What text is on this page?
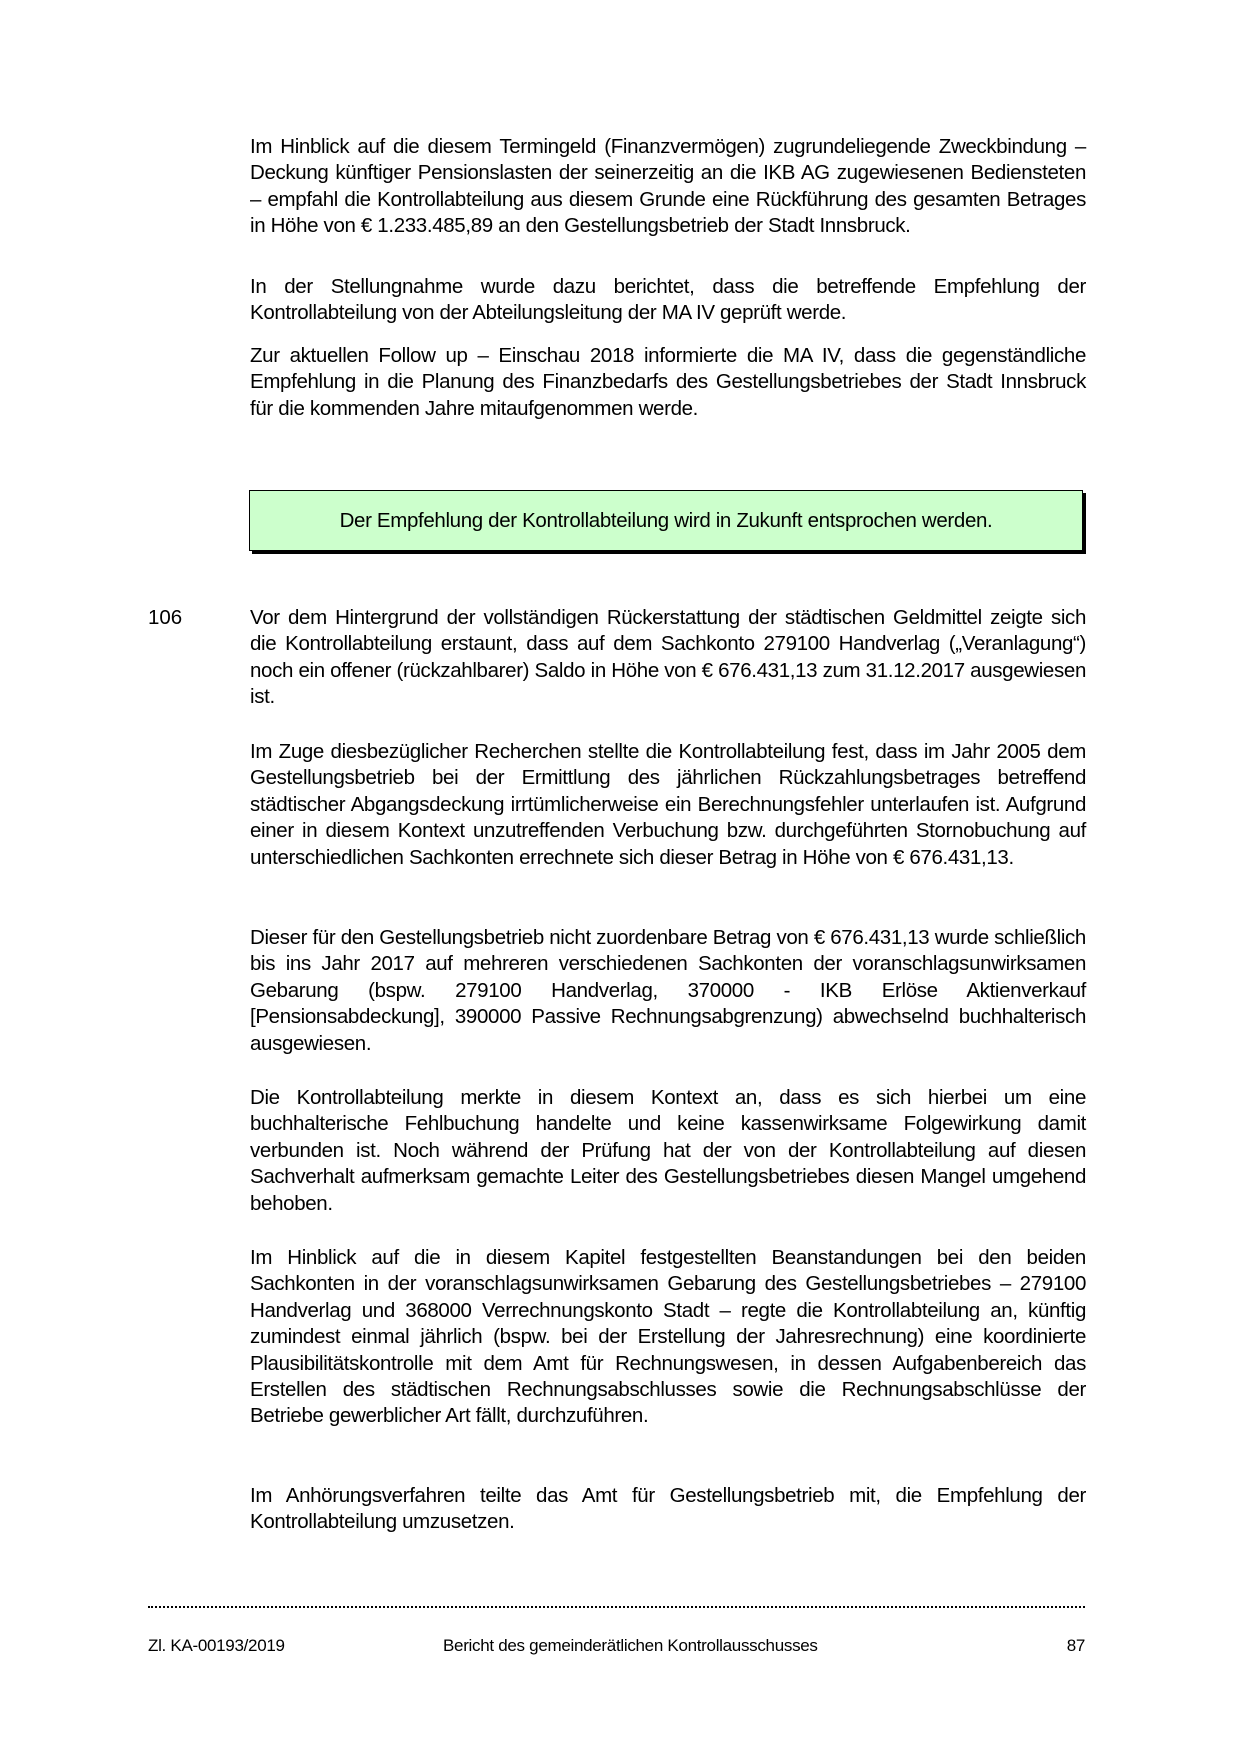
Im Hinblick auf die diesem Termingeld (Finanzvermögen) zugrundeliegende Zweckbindung – Deckung künftiger Pensionslasten der seinerzeitig an die IKB AG zugewiesenen Bediensteten – empfahl die Kontrollabteilung aus diesem Grunde eine Rückführung des gesamten Betrages in Höhe von € 1.233.485,89 an den Gestellungsbetrieb der Stadt Innsbruck.

In der Stellungnahme wurde dazu berichtet, dass die betreffende Empfehlung der Kontrollabteilung von der Abteilungsleitung der MA IV geprüft werde.

Zur aktuellen Follow up – Einschau 2018 informierte die MA IV, dass die gegenständliche Empfehlung in die Planung des Finanzbedarfs des Gestellungsbetriebes der Stadt Innsbruck für die kommenden Jahre mitaufgenommen werde.

Der Empfehlung der Kontrollabteilung wird in Zukunft entsprochen werden.
106	Vor dem Hintergrund der vollständigen Rückerstattung der städtischen Geldmittel zeigte sich die Kontrollabteilung erstaunt, dass auf dem Sachkonto 279100 Handverlag („Veranlagung“) noch ein offener (rückzahlbarer) Saldo in Höhe von € 676.431,13 zum 31.12.2017 ausgewiesen ist.

Im Zuge diesbezüglicher Recherchen stellte die Kontrollabteilung fest, dass im Jahr 2005 dem Gestellungsbetrieb bei der Ermittlung des jährlichen Rückzahlungsbetrages betreffend städtischer Abgangsdeckung irrtümlicherweise ein Berechnungsfehler unterlaufen ist. Aufgrund einer in diesem Kontext unzutreffenden Verbuchung bzw. durchgeführten Stornobuchung auf unterschiedlichen Sachkonten errechnete sich dieser Betrag in Höhe von € 676.431,13.

Dieser für den Gestellungsbetrieb nicht zuordenbare Betrag von € 676.431,13 wurde schließlich bis ins Jahr 2017 auf mehreren verschiedenen Sachkonten der voranschlagsunwirksamen Gebarung (bspw. 279100 Handverlag, 370000 - IKB Erlöse Aktienverkauf [Pensionsabdeckung], 390000 Passive Rechnungsabgrenzung) abwechselnd buchhalterisch ausgewiesen.

Die Kontrollabteilung merkte in diesem Kontext an, dass es sich hierbei um eine buchhalterische Fehlbuchung handelte und keine kassenwirksame Folgewirkung damit verbunden ist. Noch während der Prüfung hat der von der Kontrollabteilung auf diesen Sachverhalt aufmerksam gemachte Leiter des Gestellungsbetriebes diesen Mangel umgehend behoben.

Im Hinblick auf die in diesem Kapitel festgestellten Beanstandungen bei den beiden Sachkonten in der voranschlagsunwirksamen Gebarung des Gestellungsbetriebes – 279100 Handverlag und 368000 Verrechnungskonto Stadt – regte die Kontrollabteilung an, künftig zumindest einmal jährlich (bspw. bei der Erstellung der Jahresrechnung) eine koordinierte Plausibilitätskontrolle mit dem Amt für Rechnungswesen, in dessen Aufgabenbereich das Erstellen des städtischen Rechnungsabschlusses sowie die Rechnungsabschlüsse der Betriebe gewerblicher Art fällt, durchzuführen.

Im Anhörungsverfahren teilte das Amt für Gestellungsbetrieb mit, die Empfehlung der Kontrollabteilung umzusetzen.

Zl. KA-00193/2019	Bericht des gemeinderätlichen Kontrollausschusses	87
